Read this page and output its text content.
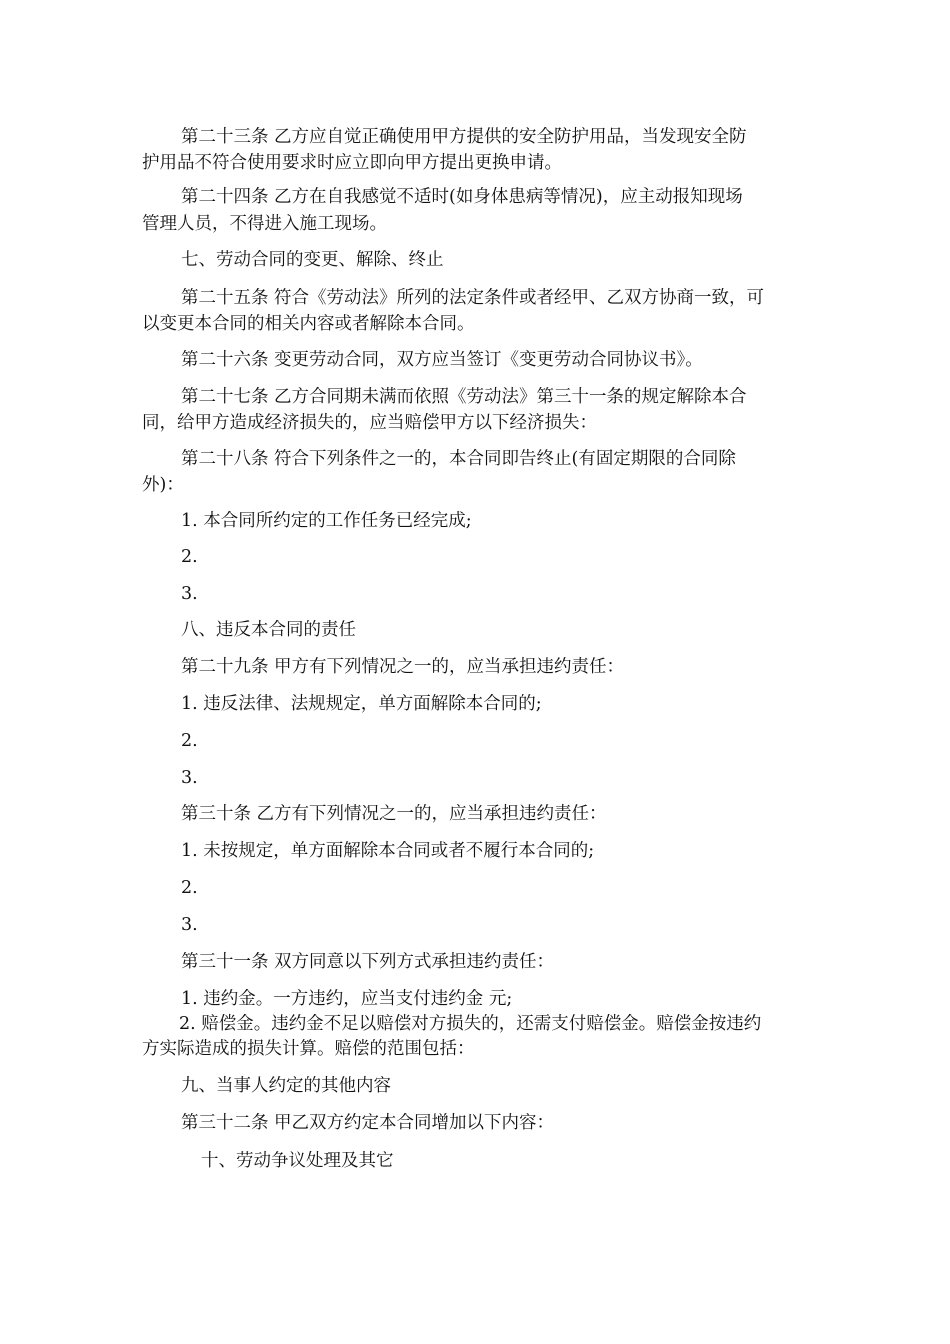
第二十三条 乙方应自觉正确使用甲方提供的安全防护用品，当发现安全防
护用品不符合使用要求时应立即向甲方提出更换申请。
第二十四条 乙方在自我感觉不适时(如身体患病等情况)，应主动报知现场
管理人员，不得进入施工现场。
七、劳动合同的变更、解除、终止
第二十五条 符合《劳动法》所列的法定条件或者经甲、乙双方协商一致，可
以变更本合同的相关内容或者解除本合同。
第二十六条 变更劳动合同，双方应当签订《变更劳动合同协议书》。
第二十七条 乙方合同期未满而依照《劳动法》第三十一条的规定解除本合
同，给甲方造成经济损失的，应当赔偿甲方以下经济损失：
第二十八条 符合下列条件之一的，本合同即告终止(有固定期限的合同除
外)：
1. 本合同所约定的工作任务已经完成;
2.
3.
八、违反本合同的责任
第二十九条 甲方有下列情况之一的，应当承担违约责任：
1. 违反法律、法规规定，单方面解除本合同的;
2.
3.
第三十条 乙方有下列情况之一的，应当承担违约责任：
1. 未按规定，单方面解除本合同或者不履行本合同的;
2.
3.
第三十一条 双方同意以下列方式承担违约责任：
1. 违约金。一方违约，应当支付违约金 元;
2. 赔偿金。违约金不足以赔偿对方损失的，还需支付赔偿金。赔偿金按违约
方实际造成的损失计算。赔偿的范围包括：
九、当事人约定的其他内容
第三十二条 甲乙双方约定本合同增加以下内容：
十、劳动争议处理及其它
